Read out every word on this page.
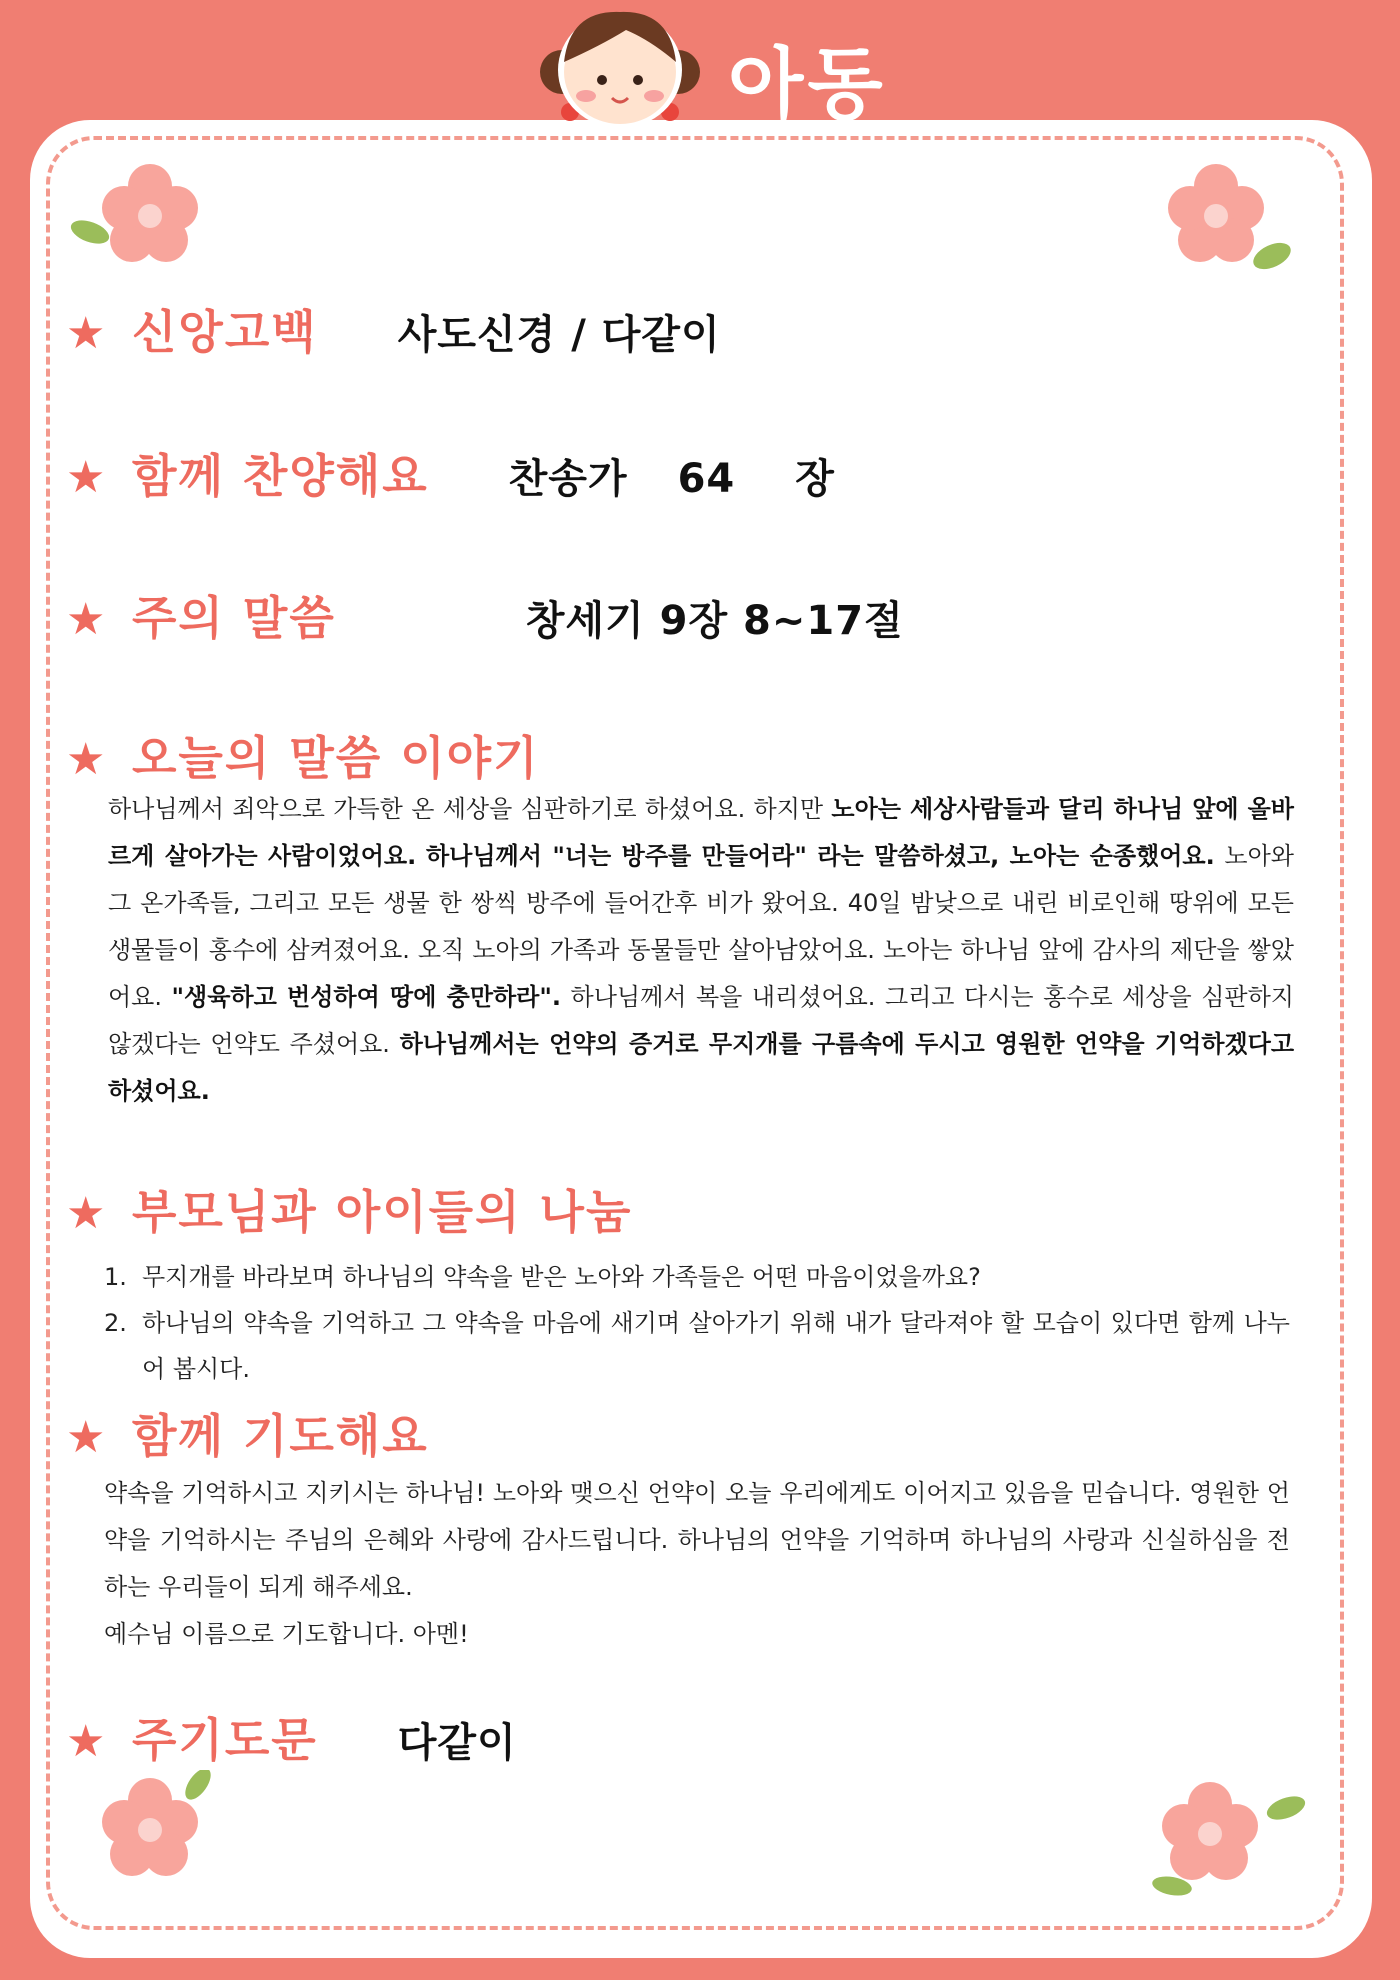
아동
★ 신앙고백 사도신경 / 다같이
★ 함께 찬양해요 찬송가 64 장
★ 주의 말씀	창세기 9장 8~17절
★ 오늘의 말씀 이야기
하나님께서 죄악으로 가득한 온 세상을 심판하기로 하셨어요. 하지만 노아는 세상사람들과 달리 하나님 앞에 올바르게 살아가는 사람이었어요. 하나님께서 "너는 방주를 만들어라" 라는 말씀하셨고, 노아는 순종했어요. 노아와 그 온가족들, 그리고 모든 생물 한 쌍씩 방주에 들어간후 비가 왔어요. 40일 밤낮으로 내린 비로인해 땅위에 모든 생물들이 홍수에 삼켜졌어요. 오직 노아의 가족과 동물들만 살아남았어요. 노아는 하나님 앞에 감사의 제단을 쌓았어요. "생육하고 번성하여 땅에 충만하라". 하나님께서 복을 내리셨어요. 그리고 다시는 홍수로 세상을 심판하지 않겠다는 언약도 주셨어요. 하나님께서는 언약의 증거로 무지개를 구름속에 두시고 영원한 언약을 기억하겠다고 하셨어요.
★ 부모님과 아이들의 나눔
1. 무지개를 바라보며 하나님의 약속을 받은 노아와 가족들은 어떤 마음이었을까요?
2. 하나님의 약속을 기억하고 그 약속을 마음에 새기며 살아가기 위해 내가 달라져야 할 모습이 있다면 함께 나누어 봅시다.
★ 함께 기도해요
약속을 기억하시고 지키시는 하나님! 노아와 맺으신 언약이 오늘 우리에게도 이어지고 있음을 믿습니다. 영원한 언약을 기억하시는 주님의 은혜와 사랑에 감사드립니다. 하나님의 언약을 기억하며 하나님의 사랑과 신실하심을 전하는 우리들이 되게 해주세요.
예수님 이름으로 기도합니다. 아멘!
★ 주기도문 다같이
